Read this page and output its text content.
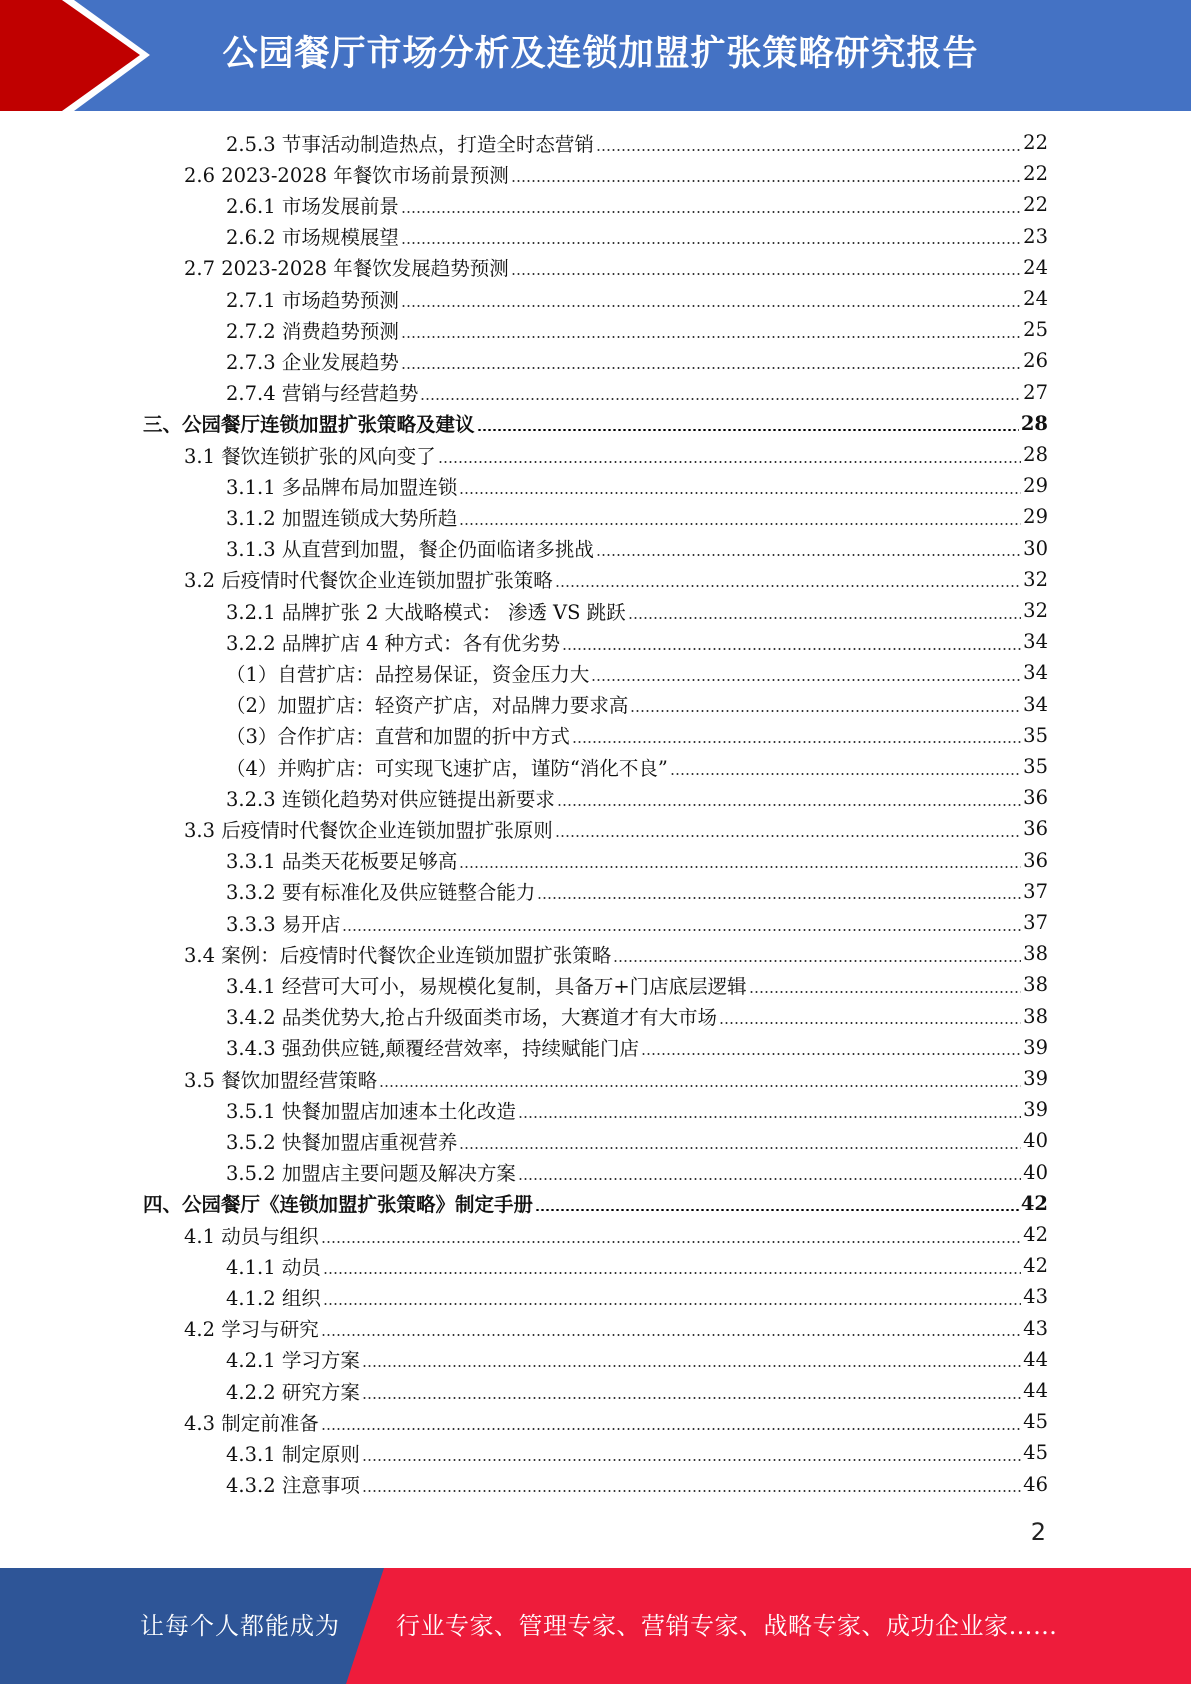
公园餐厅市场分析及连锁加盟扩张策略研究报告
2.5.3 节事活动制造热点，打造全时态营销	22
2.6 2023-2028 年餐饮市场前景预测	22
2.6.1 市场发展前景	22
2.6.2 市场规模展望	23
2.7 2023-2028 年餐饮发展趋势预测	24
2.7.1 市场趋势预测	24
2.7.2 消费趋势预测	25
2.7.3 企业发展趋势	26
2.7.4 营销与经营趋势	27
三、公园餐厅连锁加盟扩张策略及建议	28
3.1 餐饮连锁扩张的风向变了	28
3.1.1 多品牌布局加盟连锁	29
3.1.2 加盟连锁成大势所趋	29
3.1.3 从直营到加盟，餐企仍面临诸多挑战	30
3.2 后疫情时代餐饮企业连锁加盟扩张策略	32
3.2.1 品牌扩张 2 大战略模式： 渗透 VS 跳跃	32
3.2.2 品牌扩店 4 种方式：各有优劣势	34
（1）自营扩店：品控易保证，资金压力大	34
（2）加盟扩店：轻资产扩店，对品牌力要求高	34
（3）合作扩店：直营和加盟的折中方式	35
（4）并购扩店：可实现飞速扩店，谨防“消化不良”	35
3.2.3 连锁化趋势对供应链提出新要求	36
3.3 后疫情时代餐饮企业连锁加盟扩张原则	36
3.3.1 品类天花板要足够高	36
3.3.2 要有标准化及供应链整合能力	37
3.3.3 易开店	37
3.4 案例：后疫情时代餐饮企业连锁加盟扩张策略	38
3.4.1 经营可大可小，易规模化复制，具备万+门店底层逻辑	38
3.4.2 品类优势大,抢占升级面类市场，大赛道才有大市场	38
3.4.3 强劲供应链,颠覆经营效率，持续赋能门店	39
3.5 餐饮加盟经营策略	39
3.5.1 快餐加盟店加速本土化改造	39
3.5.2 快餐加盟店重视营养	40
3.5.2 加盟店主要问题及解决方案	40
四、公园餐厅《连锁加盟扩张策略》制定手册	42
4.1 动员与组织	42
4.1.1 动员	42
4.1.2 组织	43
4.2 学习与研究	43
4.2.1 学习方案	44
4.2.2 研究方案	44
4.3 制定前准备	45
4.3.1 制定原则	45
4.3.2 注意事项	46
2
让每个人都能成为 行业专家、管理专家、营销专家、战略专家、成功企业家……
